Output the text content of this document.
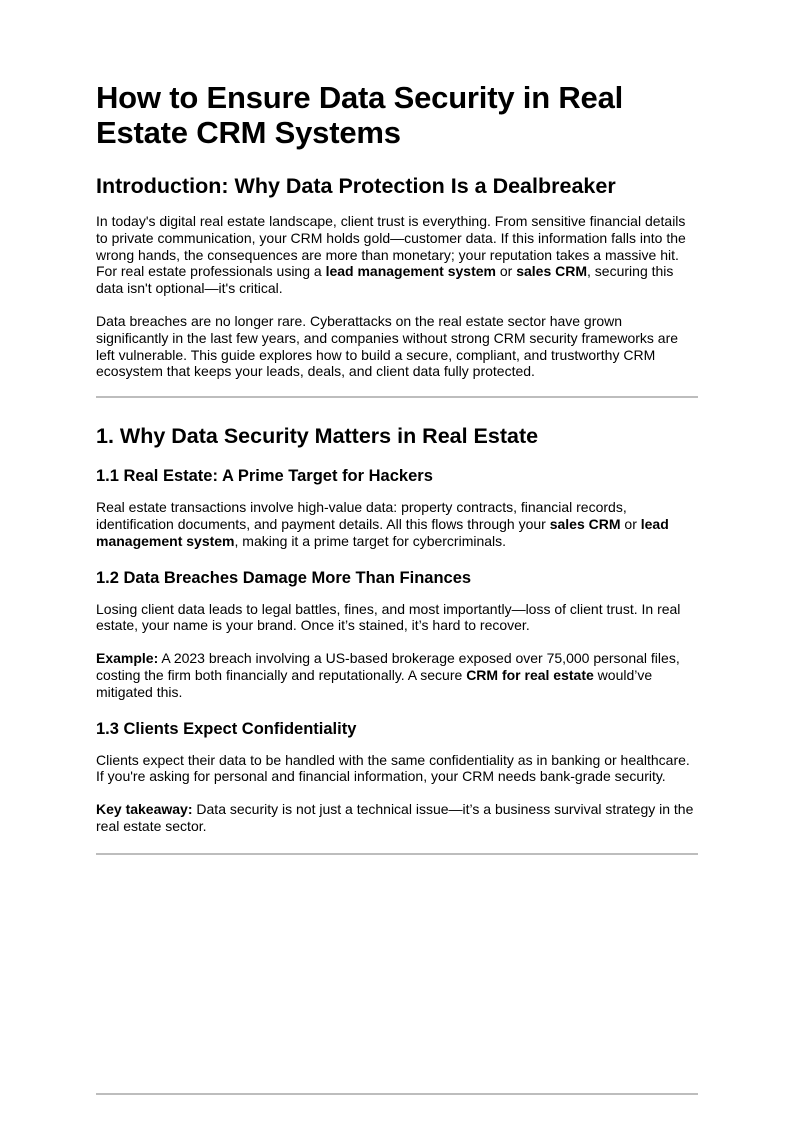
How to Ensure Data Security in Real Estate CRM Systems
Introduction: Why Data Protection Is a Dealbreaker

In today's digital real estate landscape, client trust is everything. From sensitive financial details to private communication, your CRM holds gold—customer data. If this information falls into the wrong hands, the consequences are more than monetary; your reputation takes a massive hit. For real estate professionals using a lead management system or sales CRM, securing this data isn't optional—it's critical.

Data breaches are no longer rare. Cyberattacks on the real estate sector have grown significantly in the last few years, and companies without strong CRM security frameworks are left vulnerable. This guide explores how to build a secure, compliant, and trustworthy CRM ecosystem that keeps your leads, deals, and client data fully protected.

1. Why Data Security Matters in Real Estate
1.1 Real Estate: A Prime Target for Hackers

Real estate transactions involve high-value data: property contracts, financial records, identification documents, and payment details. All this flows through your sales CRM or lead management system, making it a prime target for cybercriminals.

1.2 Data Breaches Damage More Than Finances

Losing client data leads to legal battles, fines, and most importantly—loss of client trust. In real estate, your name is your brand. Once it’s stained, it’s hard to recover.

Example: A 2023 breach involving a US-based brokerage exposed over 75,000 personal files, costing the firm both financially and reputationally. A secure CRM for real estate would’ve mitigated this.

1.3 Clients Expect Confidentiality

Clients expect their data to be handled with the same confidentiality as in banking or healthcare. If you're asking for personal and financial information, your CRM needs bank-grade security.

Key takeaway: Data security is not just a technical issue—it’s a business survival strategy in the real estate sector.
